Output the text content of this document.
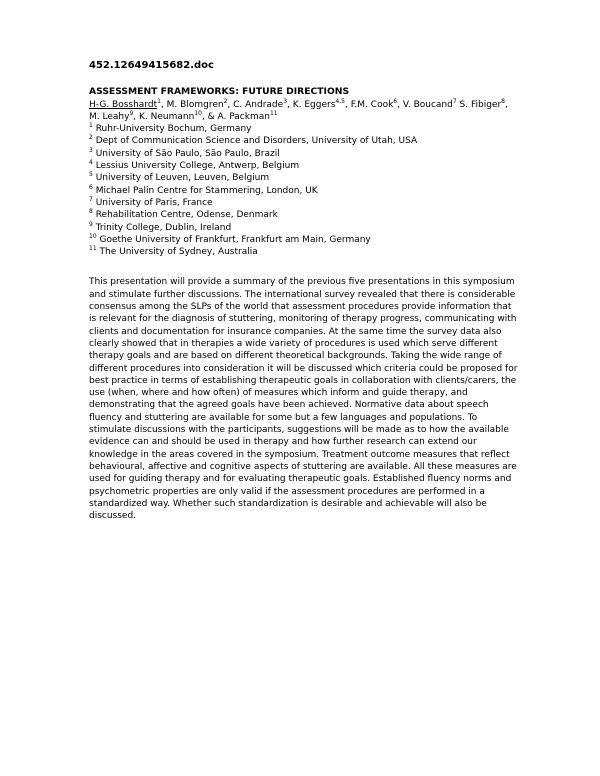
452.12649415682.doc

ASSESSMENT FRAMEWORKS: FUTURE DIRECTIONS

H-G. Bosshardt$^1$, M. Blomgren$^2$, C. Andrade$^3$, K. Eggers$^{4,5}$, F.M. Cook$^6$, V. Boucand$^7$ S. Fibiger$^8$, M. Leahy$^9$, K. Neumann$^{10}$, & A. Packman$^{11}$

$^1$ Ruhr-University Bochum, Germany
$^2$ Dept of Communication Science and Disorders, University of Utah, USA
$^3$ University of São Paulo, São Paulo, Brazil
$^4$ Lessius University College, Antwerp, Belgium
$^5$ University of Leuven, Leuven, Belgium
$^6$ Michael Palin Centre for Stammering, London, UK
$^7$ University of Paris, France
$^8$ Rehabilitation Centre, Odense, Denmark
$^9$ Trinity College, Dublin, Ireland
$^{10}$ Goethe University of Frankfurt, Frankfurt am Main, Germany
$^{11}$ The University of Sydney, Australia

This presentation will provide a summary of the previous five presentations in this symposium and stimulate further discussions. The international survey revealed that there is considerable consensus among the SLPs of the world that assessment procedures provide information that is relevant for the diagnosis of stuttering, monitoring of therapy progress, communicating with clients and documentation for insurance companies. At the same time the survey data also clearly showed that in therapies a wide variety of procedures is used which serve different therapy goals and are based on different theoretical backgrounds. Taking the wide range of different procedures into consideration it will be discussed which criteria could be proposed for best practice in terms of establishing therapeutic goals in collaboration with clients/carers, the use (when, where and how often) of measures which inform and guide therapy, and demonstrating that the agreed goals have been achieved. Normative data about speech fluency and stuttering are available for some but a few languages and populations. To stimulate discussions with the participants, suggestions will be made as to how the available evidence can and should be used in therapy and how further research can extend our knowledge in the areas covered in the symposium. Treatment outcome measures that reflect behavioural, affective and cognitive aspects of stuttering are available. All these measures are used for guiding therapy and for evaluating therapeutic goals. Established fluency norms and psychometric properties are only valid if the assessment procedures are performed in a standardized way. Whether such standardization is desirable and achievable will also be discussed.
